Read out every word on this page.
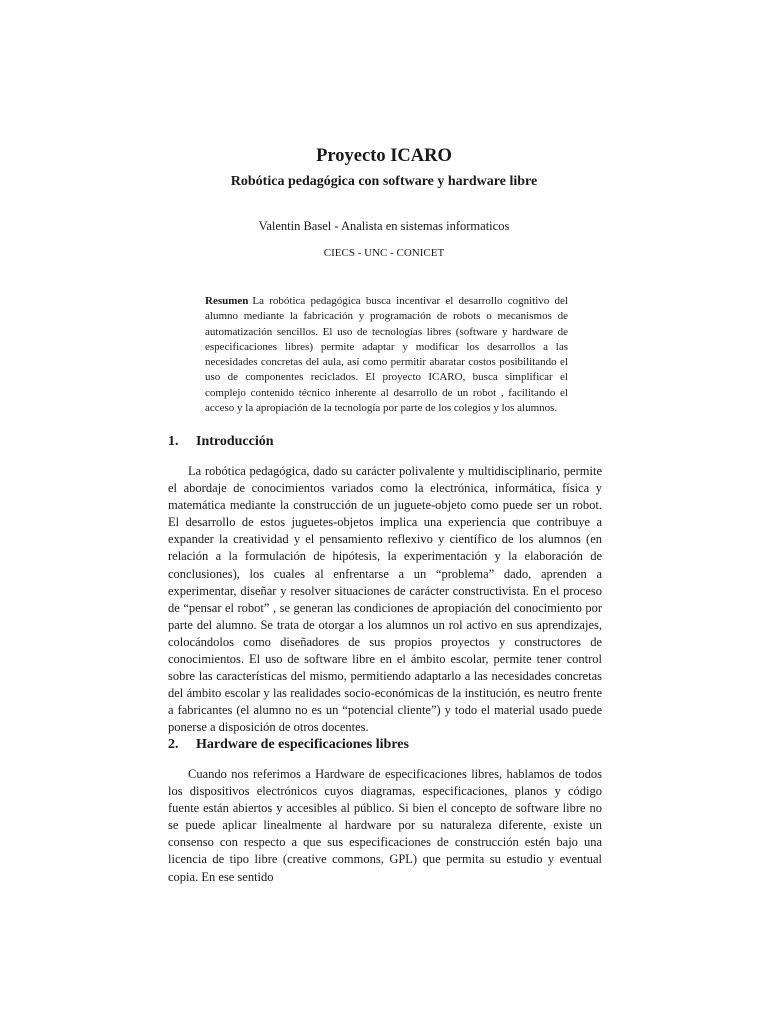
Proyecto ICARO
Robótica pedagógica con software y hardware libre
Valentin Basel - Analista en sistemas informaticos
CIECS - UNC - CONICET

Resumen La robótica pedagógica busca incentivar el desarrollo cognitivo del alumno mediante la fabricación y programación de robots o mecanismos de automatización sencillos. El uso de tecnologías libres (software y hardware de especificaciones libres) permite adaptar y modificar los desarrollos a las necesidades concretas del aula, así como permitir abaratar costos posibilitando el uso de componentes reciclados. El proyecto ICARO, busca simplificar el complejo contenido técnico inherente al desarrollo de un robot , facilitando el acceso y la apropiación de la tecnología por parte de los colegios y los alumnos.

1. Introducción

La robótica pedagógica, dado su carácter polivalente y multidisciplinario, permite el abordaje de conocimientos variados como la electrónica, informática, física y matemática mediante la construcción de un juguete-objeto como puede ser un robot. El desarrollo de estos juguetes-objetos implica una experiencia que contribuye a expander la creatividad y el pensamiento reflexivo y científico de los alumnos (en relación a la formulación de hipótesis, la experimentación y la elaboración de conclusiones), los cuales al enfrentarse a un “problema” dado, aprenden a experimentar, diseñar y resolver situaciones de carácter constructivista. En el proceso de “pensar el robot” , se generan las condiciones de apropiación del conocimiento por parte del alumno. Se trata de otorgar a los alumnos un rol activo en sus aprendizajes, colocándolos como diseñadores de sus propios proyectos y constructores de conocimientos. El uso de software libre en el ámbito escolar, permite tener control sobre las características del mismo, permitiendo adaptarlo a las necesidades concretas del ámbito escolar y las realidades socio-económicas de la institución, es neutro frente a fabricantes (el alumno no es un “potencial cliente”) y todo el material usado puede ponerse a disposición de otros docentes.

2. Hardware de especificaciones libres

Cuando nos referimos a Hardware de especificaciones libres, hablamos de todos los dispositivos electrónicos cuyos diagramas, especificaciones, planos y código fuente están abiertos y accesibles al público. Si bien el concepto de software libre no se puede aplicar linealmente al hardware por su naturaleza diferente, existe un consenso con respecto a que sus especificaciones de construcción estén bajo una licencia de tipo libre (creative commons, GPL) que permita su estudio y eventual copia. En ese sentido
